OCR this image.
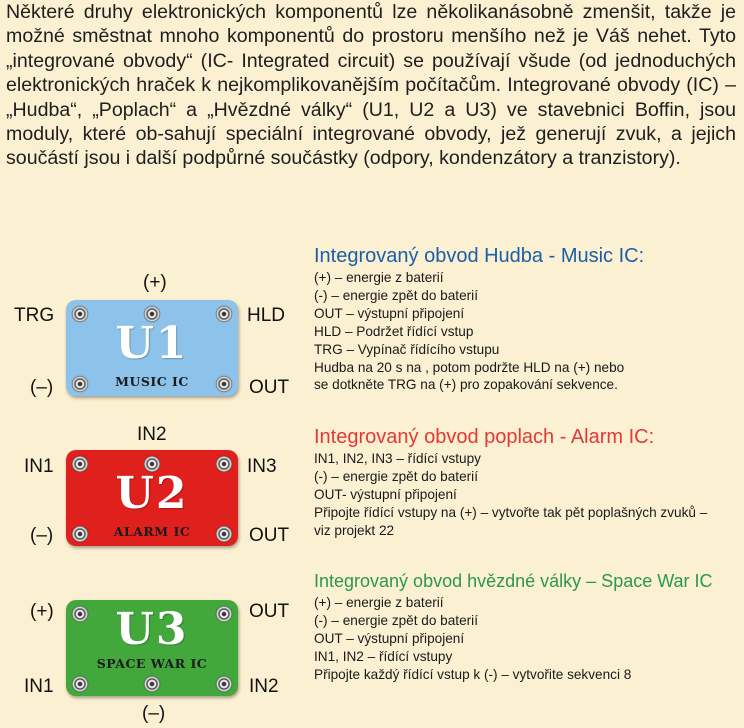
Některé druhy elektronických komponentů lze několikanásobně zmenšit, takže je možné směstnat mnoho komponentů do prostoru menšího než je Váš nehet. Tyto „integrované obvody“ (IC- Integrated circuit) se používají všude (od jednoduchých elektronických hraček k nejkomplikovanějším počítačům. Integrované obvody (IC) – „Hudba“, „Poplach“ a „Hvězdné války“ (U1, U2 a U3) ve stavebnici Boffin, jsou moduly, které ob-sahují speciální integrované obvody, jež generují zvuk, a jejich součástí jsou i další podpůrné součástky (odpory, kondenzátory a tranzistory).

(+)
TRG	HLD
(–)	OUT
U1
MUSIC IC
Integrovaný obvod Hudba - Music IC:
(+) – energie z baterií
(-) – energie zpět do baterií
OUT – výstupní připojení
HLD – Podržet řídící vstup
TRG – Vypínač řídícího vstupu
Hudba na 20 s na , potom podržte HLD na (+) nebo
se dotkněte TRG na (+) pro zopakování sekvence.
IN2
IN1	IN3
(–)	OUT
U2
ALARM IC
Integrovaný obvod poplach - Alarm IC:
IN1, IN2, IN3 – řídící vstupy
(-) – energie zpět do baterií
OUT- výstupní připojení
Připojte řídící vstupy na (+) – vytvořte tak pět poplašných zvuků –
viz projekt 22
(+)	OUT
IN1	IN2
(–)
U3
SPACE WAR IC
Integrovaný obvod hvězdné války – Space War IC
(+) – energie z baterií
(-) – energie zpět do baterií
OUT – výstupní připojení
IN1, IN2 – řídící vstupy
Připojte každý řídící vstup k (-) – vytvořite sekvenci 8
